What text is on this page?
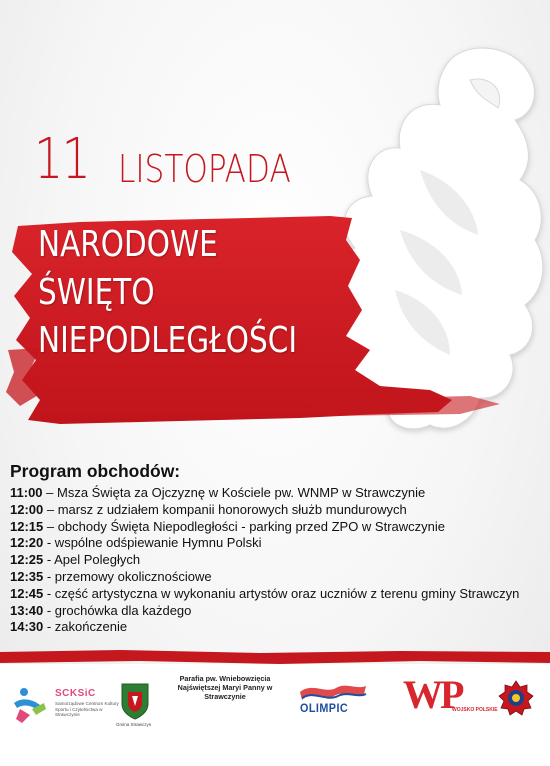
11 LISTOPADA
NARODOWE
ŚWIĘTO
NIEPODLEGŁOŚCI
Program obchodów:
11:00 – Msza Święta za Ojczyznę w Kościele pw. WNMP w Strawczynie
12:00 – marsz z udziałem kompanii honorowych służb mundurowych
12:15 – obchody Święta Niepodległości - parking przed ZPO w Strawczynie
12:20 - wspólne odśpiewanie Hymnu Polski
12:25 - Apel Poległych
12:35 - przemowy okolicznościowe
12:45 - część artystyczna w wykonaniu artystów oraz uczniów z terenu gminy Strawczyn
13:40 - grochówka dla każdego
14:30 - zakończenie
SCKSiC
Samorządowe Centrum Kultury Sportu i Czytelnictwa w Strawczynie
Gmina Strawczyn
Parafia pw. Wniebowzięcia Najświętszej Maryi Panny w Strawczynie
OLIMPIC WP
WOJSKO POLSKIE
